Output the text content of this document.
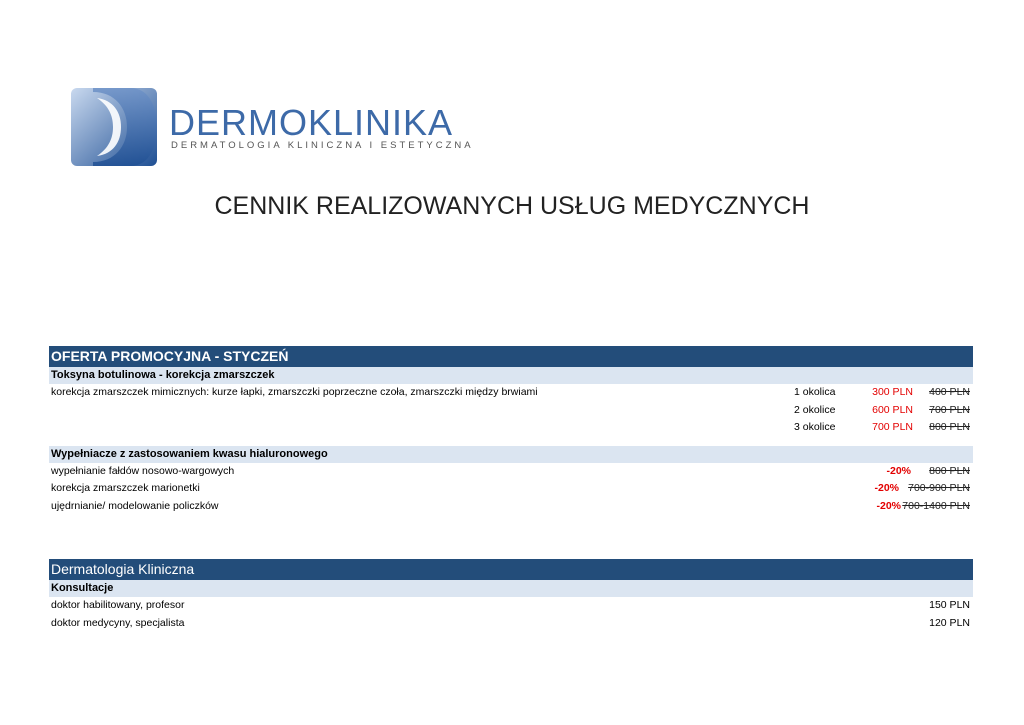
DERMOKLINIKA
DERMATOLOGIA KLINICZNA I ESTETYCZNA
CENNIK REALIZOWANYCH USŁUG MEDYCZNYCH
OFERTA PROMOCYJNA - STYCZEŃ
Toksyna botulinowa - korekcja zmarszczek
korekcja zmarszczek mimicznych: kurze łapki, zmarszczki poprzeczne czoła, zmarszczki między brwiami	1 okolica	300 PLN 400 PLN
2 okolice	600 PLN 700 PLN
3 okolice	700 PLN 800 PLN
Wypełniacze z zastosowaniem kwasu hialuronowego
wypełnianie fałdów nosowo-wargowych	-20% 800 PLN
korekcja zmarszczek marionetki	-20% 700-900 PLN
ujędrnianie/ modelowanie policzków	-20% 700-1400 PLN
Dermatologia Kliniczna
Konsultacje
doktor habilitowany, profesor	150 PLN
doktor medycyny, specjalista	120 PLN
